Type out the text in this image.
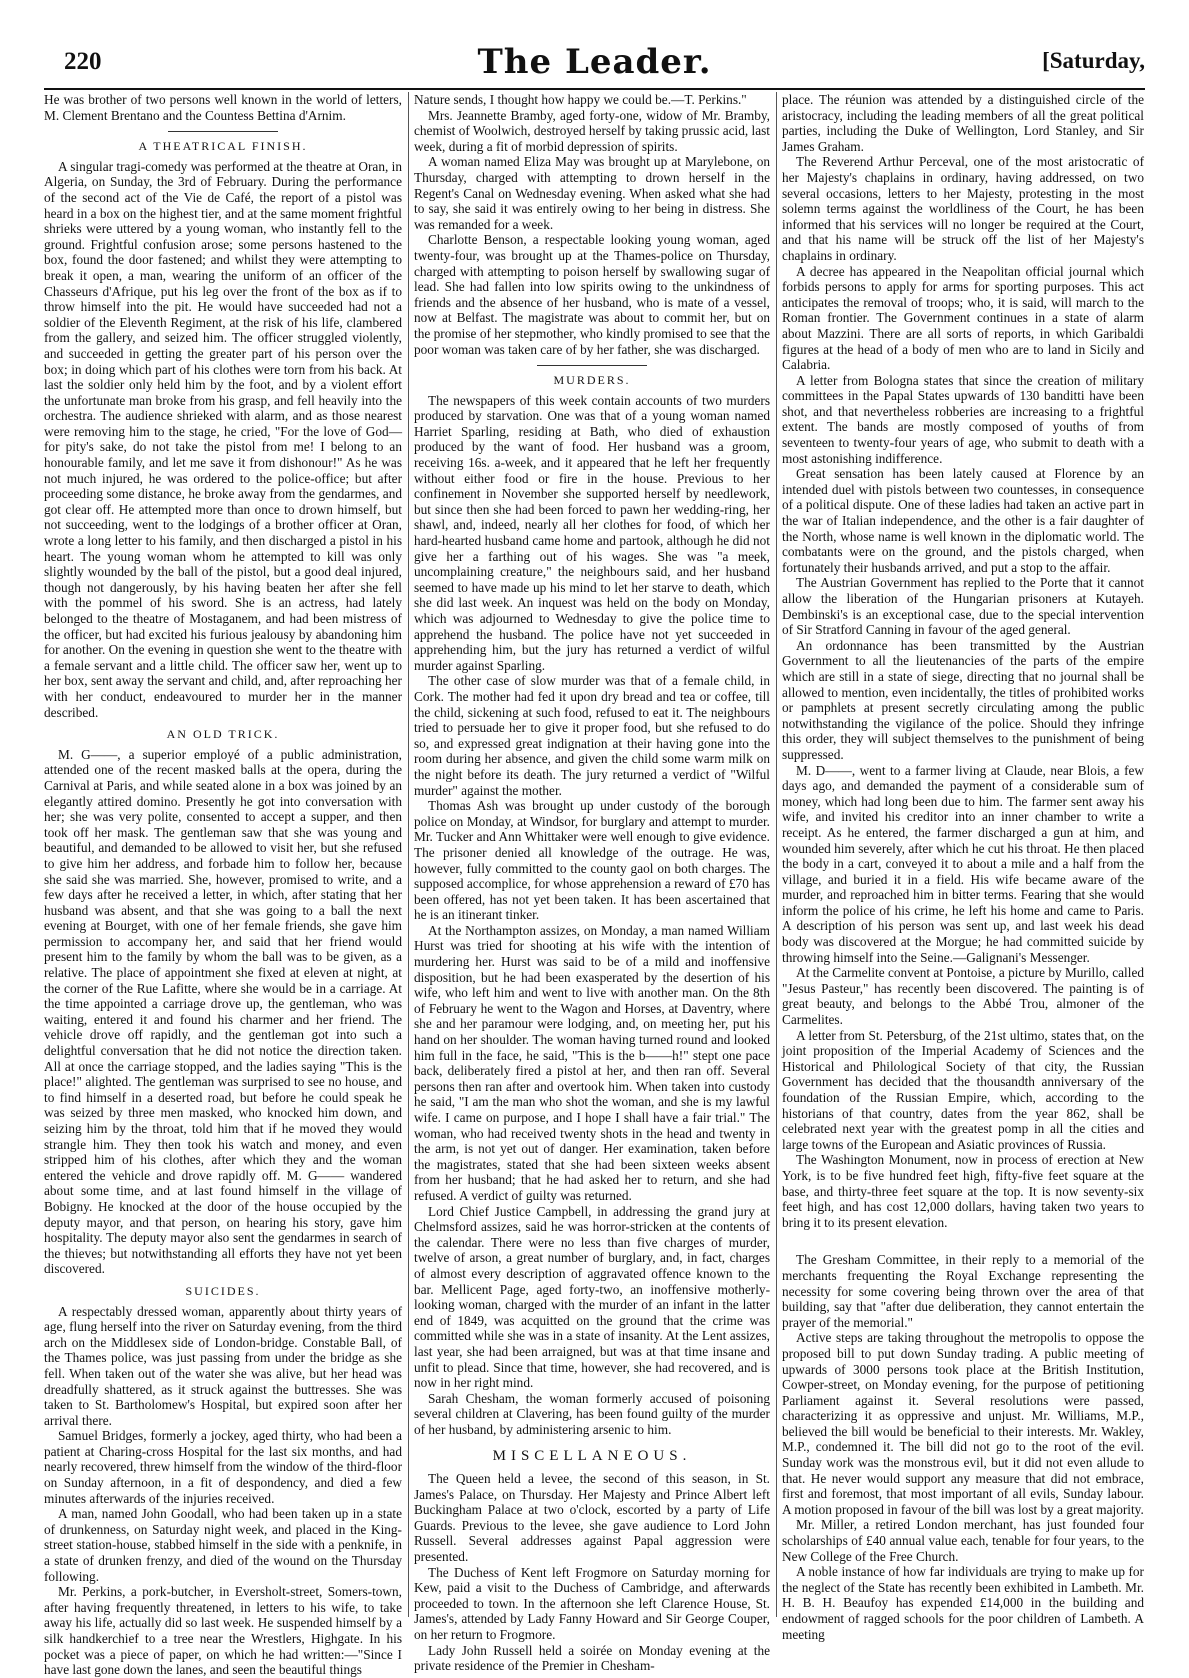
220	The Leader.	[Saturday,

He was brother of two persons well known in the world of letters, M. Clement Brentano and the Countess Bettina d'Arnim.

A THEATRICAL FINISH.

A singular tragi-comedy was performed at the theatre at Oran, in Algeria, on Sunday, the 3rd of February. During the performance of the second act of the Vie de Café, the report of a pistol was heard in a box on the highest tier, and at the same moment frightful shrieks were uttered by a young woman, who instantly fell to the ground. Frightful confusion arose; some persons hastened to the box, found the door fastened; and whilst they were attempting to break it open, a man, wearing the uniform of an officer of the Chasseurs d'Afrique, put his leg over the front of the box as if to throw himself into the pit. He would have succeeded had not a soldier of the Eleventh Regiment, at the risk of his life, clambered from the gallery, and seized him. The officer struggled violently, and succeeded in getting the greater part of his person over the box; in doing which part of his clothes were torn from his back. At last the soldier only held him by the foot, and by a violent effort the unfortunate man broke from his grasp, and fell heavily into the orchestra. The audience shrieked with alarm, and as those nearest were removing him to the stage, he cried, "For the love of God—for pity's sake, do not take the pistol from me! I belong to an honourable family, and let me save it from dishonour!" As he was not much injured, he was ordered to the police-office; but after proceeding some distance, he broke away from the gendarmes, and got clear off. He attempted more than once to drown himself, but not succeeding, went to the lodgings of a brother officer at Oran, wrote a long letter to his family, and then discharged a pistol in his heart. The young woman whom he attempted to kill was only slightly wounded by the ball of the pistol, but a good deal injured, though not dangerously, by his having beaten her after she fell with the pommel of his sword. She is an actress, had lately belonged to the theatre of Mostaganem, and had been mistress of the officer, but had excited his furious jealousy by abandoning him for another. On the evening in question she went to the theatre with a female servant and a little child. The officer saw her, went up to her box, sent away the servant and child, and, after reproaching her with her conduct, endeavoured to murder her in the manner described.

AN OLD TRICK.

M. G——, a superior employé of a public administration, attended one of the recent masked balls at the opera, during the Carnival at Paris, and while seated alone in a box was joined by an elegantly attired domino. Presently he got into conversation with her; she was very polite, consented to accept a supper, and then took off her mask. The gentleman saw that she was young and beautiful, and demanded to be allowed to visit her, but she refused to give him her address, and forbade him to follow her, because she said she was married. She, however, promised to write, and a few days after he received a letter, in which, after stating that her husband was absent, and that she was going to a ball the next evening at Bourget, with one of her female friends, she gave him permission to accompany her, and said that her friend would present him to the family by whom the ball was to be given, as a relative. The place of appointment she fixed at eleven at night, at the corner of the Rue Lafitte, where she would be in a carriage. At the time appointed a carriage drove up, the gentleman, who was waiting, entered it and found his charmer and her friend. The vehicle drove off rapidly, and the gentleman got into such a delightful conversation that he did not notice the direction taken. All at once the carriage stopped, and the ladies saying "This is the place!" alighted. The gentleman was surprised to see no house, and to find himself in a deserted road, but before he could speak he was seized by three men masked, who knocked him down, and seizing him by the throat, told him that if he moved they would strangle him. They then took his watch and money, and even stripped him of his clothes, after which they and the woman entered the vehicle and drove rapidly off. M. G—— wandered about some time, and at last found himself in the village of Bobigny. He knocked at the door of the house occupied by the deputy mayor, and that person, on hearing his story, gave him hospitality. The deputy mayor also sent the gendarmes in search of the thieves; but notwithstanding all efforts they have not yet been discovered.

SUICIDES.

A respectably dressed woman, apparently about thirty years of age, flung herself into the river on Saturday evening, from the third arch on the Middlesex side of London-bridge. Constable Ball, of the Thames police, was just passing from under the bridge as she fell. When taken out of the water she was alive, but her head was dreadfully shattered, as it struck against the buttresses. She was taken to St. Bartholomew's Hospital, but expired soon after her arrival there.

Samuel Bridges, formerly a jockey, aged thirty, who had been a patient at Charing-cross Hospital for the last six months, and had nearly recovered, threw himself from the window of the third-floor on Sunday afternoon, in a fit of despondency, and died a few minutes afterwards of the injuries received.

A man, named John Goodall, who had been taken up in a state of drunkenness, on Saturday night week, and placed in the King-street station-house, stabbed himself in the side with a penknife, in a state of drunken frenzy, and died of the wound on the Thursday following.

Mr. Perkins, a pork-butcher, in Eversholt-street, Somers-town, after having frequently threatened, in letters to his wife, to take away his life, actually did so last week. He suspended himself by a silk handkerchief to a tree near the Wrestlers, Highgate. In his pocket was a piece of paper, on which he had written:—"Since I have last gone down the lanes, and seen the beautiful things

Nature sends, I thought how happy we could be.—T. Perkins."

Mrs. Jeannette Bramby, aged forty-one, widow of Mr. Bramby, chemist of Woolwich, destroyed herself by taking prussic acid, last week, during a fit of morbid depression of spirits.

A woman named Eliza May was brought up at Marylebone, on Thursday, charged with attempting to drown herself in the Regent's Canal on Wednesday evening. When asked what she had to say, she said it was entirely owing to her being in distress. She was remanded for a week.

Charlotte Benson, a respectable looking young woman, aged twenty-four, was brought up at the Thames-police on Thursday, charged with attempting to poison herself by swallowing sugar of lead. She had fallen into low spirits owing to the unkindness of friends and the absence of her husband, who is mate of a vessel, now at Belfast. The magistrate was about to commit her, but on the promise of her stepmother, who kindly promised to see that the poor woman was taken care of by her father, she was discharged.

MURDERS.

The newspapers of this week contain accounts of two murders produced by starvation. One was that of a young woman named Harriet Sparling, residing at Bath, who died of exhaustion produced by the want of food. Her husband was a groom, receiving 16s. a-week, and it appeared that he left her frequently without either food or fire in the house. Previous to her confinement in November she supported herself by needlework, but since then she had been forced to pawn her wedding-ring, her shawl, and, indeed, nearly all her clothes for food, of which her hard-hearted husband came home and partook, although he did not give her a farthing out of his wages. She was "a meek, uncomplaining creature," the neighbours said, and her husband seemed to have made up his mind to let her starve to death, which she did last week. An inquest was held on the body on Monday, which was adjourned to Wednesday to give the police time to apprehend the husband. The police have not yet succeeded in apprehending him, but the jury has returned a verdict of wilful murder against Sparling.

The other case of slow murder was that of a female child, in Cork. The mother had fed it upon dry bread and tea or coffee, till the child, sickening at such food, refused to eat it. The neighbours tried to persuade her to give it proper food, but she refused to do so, and expressed great indignation at their having gone into the room during her absence, and given the child some warm milk on the night before its death. The jury returned a verdict of "Wilful murder" against the mother.

Thomas Ash was brought up under custody of the borough police on Monday, at Windsor, for burglary and attempt to murder. Mr. Tucker and Ann Whittaker were well enough to give evidence. The prisoner denied all knowledge of the outrage. He was, however, fully committed to the county gaol on both charges. The supposed accomplice, for whose apprehension a reward of £70 has been offered, has not yet been taken. It has been ascertained that he is an itinerant tinker.

At the Northampton assizes, on Monday, a man named William Hurst was tried for shooting at his wife with the intention of murdering her. Hurst was said to be of a mild and inoffensive disposition, but he had been exasperated by the desertion of his wife, who left him and went to live with another man. On the 8th of February he went to the Wagon and Horses, at Daventry, where she and her paramour were lodging, and, on meeting her, put his hand on her shoulder. The woman having turned round and looked him full in the face, he said, "This is the b——h!" stept one pace back, deliberately fired a pistol at her, and then ran off. Several persons then ran after and overtook him. When taken into custody he said, "I am the man who shot the woman, and she is my lawful wife. I came on purpose, and I hope I shall have a fair trial." The woman, who had received twenty shots in the head and twenty in the arm, is not yet out of danger. Her examination, taken before the magistrates, stated that she had been sixteen weeks absent from her husband; that he had asked her to return, and she had refused. A verdict of guilty was returned.

Lord Chief Justice Campbell, in addressing the grand jury at Chelmsford assizes, said he was horror-stricken at the contents of the calendar. There were no less than five charges of murder, twelve of arson, a great number of burglary, and, in fact, charges of almost every description of aggravated offence known to the bar. Mellicent Page, aged forty-two, an inoffensive motherly-looking woman, charged with the murder of an infant in the latter end of 1849, was acquitted on the ground that the crime was committed while she was in a state of insanity. At the Lent assizes, last year, she had been arraigned, but was at that time insane and unfit to plead. Since that time, however, she had recovered, and is now in her right mind.

Sarah Chesham, the woman formerly accused of poisoning several children at Clavering, has been found guilty of the murder of her husband, by administering arsenic to him.

MISCELLANEOUS.

The Queen held a levee, the second of this season, in St. James's Palace, on Thursday. Her Majesty and Prince Albert left Buckingham Palace at two o'clock, escorted by a party of Life Guards. Previous to the levee, she gave audience to Lord John Russell. Several addresses against Papal aggression were presented.

The Duchess of Kent left Frogmore on Saturday morning for Kew, paid a visit to the Duchess of Cambridge, and afterwards proceeded to town. In the afternoon she left Clarence House, St. James's, attended by Lady Fanny Howard and Sir George Couper, on her return to Frogmore.

Lady John Russell held a soirée on Monday evening at the private residence of the Premier in Chesham-

place. The réunion was attended by a distinguished circle of the aristocracy, including the leading members of all the great political parties, including the Duke of Wellington, Lord Stanley, and Sir James Graham.

The Reverend Arthur Perceval, one of the most aristocratic of her Majesty's chaplains in ordinary, having addressed, on two several occasions, letters to her Majesty, protesting in the most solemn terms against the worldliness of the Court, he has been informed that his services will no longer be required at the Court, and that his name will be struck off the list of her Majesty's chaplains in ordinary.

A decree has appeared in the Neapolitan official journal which forbids persons to apply for arms for sporting purposes. This act anticipates the removal of troops; who, it is said, will march to the Roman frontier. The Government continues in a state of alarm about Mazzini. There are all sorts of reports, in which Garibaldi figures at the head of a body of men who are to land in Sicily and Calabria.

A letter from Bologna states that since the creation of military committees in the Papal States upwards of 130 banditti have been shot, and that nevertheless robberies are increasing to a frightful extent. The bands are mostly composed of youths of from seventeen to twenty-four years of age, who submit to death with a most astonishing indifference.

Great sensation has been lately caused at Florence by an intended duel with pistols between two countesses, in consequence of a political dispute. One of these ladies had taken an active part in the war of Italian independence, and the other is a fair daughter of the North, whose name is well known in the diplomatic world. The combatants were on the ground, and the pistols charged, when fortunately their husbands arrived, and put a stop to the affair.

The Austrian Government has replied to the Porte that it cannot allow the liberation of the Hungarian prisoners at Kutayeh. Dembinski's is an exceptional case, due to the special intervention of Sir Stratford Canning in favour of the aged general.

An ordonnance has been transmitted by the Austrian Government to all the lieutenancies of the parts of the empire which are still in a state of siege, directing that no journal shall be allowed to mention, even incidentally, the titles of prohibited works or pamphlets at present secretly circulating among the public notwithstanding the vigilance of the police. Should they infringe this order, they will subject themselves to the punishment of being suppressed.

M. D——, went to a farmer living at Claude, near Blois, a few days ago, and demanded the payment of a considerable sum of money, which had long been due to him. The farmer sent away his wife, and invited his creditor into an inner chamber to write a receipt. As he entered, the farmer discharged a gun at him, and wounded him severely, after which he cut his throat. He then placed the body in a cart, conveyed it to about a mile and a half from the village, and buried it in a field. His wife became aware of the murder, and reproached him in bitter terms. Fearing that she would inform the police of his crime, he left his home and came to Paris. A description of his person was sent up, and last week his dead body was discovered at the Morgue; he had committed suicide by throwing himself into the Seine.—Galignani's Messenger.

At the Carmelite convent at Pontoise, a picture by Murillo, called "Jesus Pasteur," has recently been discovered. The painting is of great beauty, and belongs to the Abbé Trou, almoner of the Carmelites.

A letter from St. Petersburg, of the 21st ultimo, states that, on the joint proposition of the Imperial Academy of Sciences and the Historical and Philological Society of that city, the Russian Government has decided that the thousandth anniversary of the foundation of the Russian Empire, which, according to the historians of that country, dates from the year 862, shall be celebrated next year with the greatest pomp in all the cities and large towns of the European and Asiatic provinces of Russia.

The Washington Monument, now in process of erection at New York, is to be five hundred feet high, fifty-five feet square at the base, and thirty-three feet square at the top. It is now seventy-six feet high, and has cost 12,000 dollars, having taken two years to bring it to its present elevation.

The Gresham Committee, in their reply to a memorial of the merchants frequenting the Royal Exchange representing the necessity for some covering being thrown over the area of that building, say that "after due deliberation, they cannot entertain the prayer of the memorial."

Active steps are taking throughout the metropolis to oppose the proposed bill to put down Sunday trading. A public meeting of upwards of 3000 persons took place at the British Institution, Cowper-street, on Monday evening, for the purpose of petitioning Parliament against it. Several resolutions were passed, characterizing it as oppressive and unjust. Mr. Williams, M.P., believed the bill would be beneficial to their interests. Mr. Wakley, M.P., condemned it. The bill did not go to the root of the evil. Sunday work was the monstrous evil, but it did not even allude to that. He never would support any measure that did not embrace, first and foremost, that most important of all evils, Sunday labour. A motion proposed in favour of the bill was lost by a great majority.

Mr. Miller, a retired London merchant, has just founded four scholarships of £40 annual value each, tenable for four years, to the New College of the Free Church.

A noble instance of how far individuals are trying to make up for the neglect of the State has recently been exhibited in Lambeth. Mr. H. B. H. Beaufoy has expended £14,000 in the building and endowment of ragged schools for the poor children of Lambeth. A meeting
